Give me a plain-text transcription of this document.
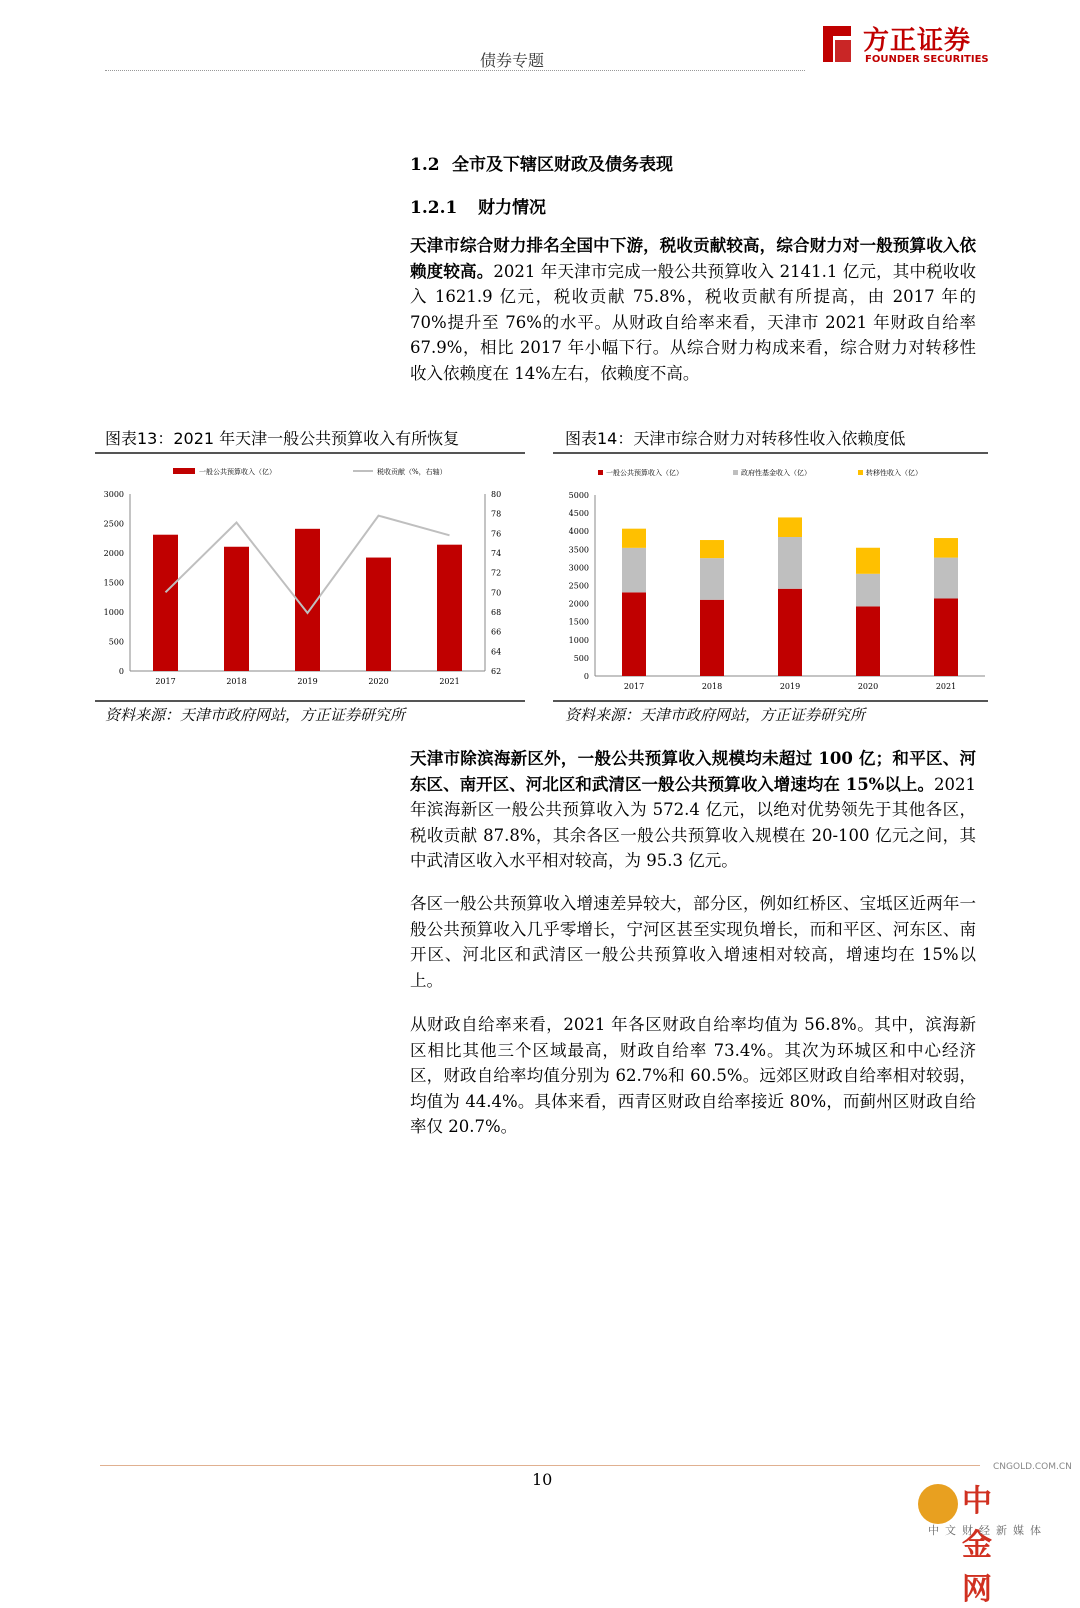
债券专题
方正证券
FOUNDER SECURITIES
1.2 全市及下辖区财政及债务表现
1.2.1 财力情况
天津市综合财力排名全国中下游，税收贡献较高，综合财力对一般预算收入依赖度较高。2021 年天津市完成一般公共预算收入 2141.1 亿元，其中税收收入 1621.9 亿元，税收贡献 75.8%，税收贡献有所提高，由 2017 年的 70%提升至 76%的水平。从财政自给率来看，天津市 2021 年财政自给率 67.9%，相比 2017 年小幅下行。从综合财力构成来看，综合财力对转移性收入依赖度在 14%左右，依赖度不高。
图表13：2021 年天津一般公共预算收入有所恢复
0
500
1000
1500
2000
2500
3000
62
64
66
68
70
72
74
76
78
80
2017	2018	2019	2020	2021
一般公共预算收入（亿）	税收贡献（%，右轴）
资料来源：天津市政府网站，方正证券研究所
图表14：天津市综合财力对转移性收入依赖度低
0
500
1000
1500
2000
2500
3000
3500
4000
4500
5000
2017	2018	2019	2020	2021
一般公共预算收入（亿）	政府性基金收入（亿）	转移性收入（亿）
资料来源：天津市政府网站，方正证券研究所
天津市除滨海新区外，一般公共预算收入规模均未超过 100 亿；和平区、河东区、南开区、河北区和武清区一般公共预算收入增速均在 15%以上。2021 年滨海新区一般公共预算收入为 572.4 亿元，以绝对优势领先于其他各区，税收贡献 87.8%，其余各区一般公共预算收入规模在 20-100 亿元之间，其中武清区收入水平相对较高，为 95.3 亿元。
各区一般公共预算收入增速差异较大，部分区，例如红桥区、宝坻区近两年一般公共预算收入几乎零增长，宁河区甚至实现负增长，而和平区、河东区、南开区、河北区和武清区一般公共预算收入增速相对较高，增速均在 15%以上。
从财政自给率来看，2021 年各区财政自给率均值为 56.8%。其中，滨海新区相比其他三个区域最高，财政自给率 73.4%。其次为环城区和中心经济区，财政自给率均值分别为 62.7%和 60.5%。远郊区财政自给率相对较弱，均值为 44.4%。具体来看，西青区财政自给率接近 80%，而蓟州区财政自给率仅 20.7%。
10
CNGOLD.COM.CN
中金网
中文财经新媒体
